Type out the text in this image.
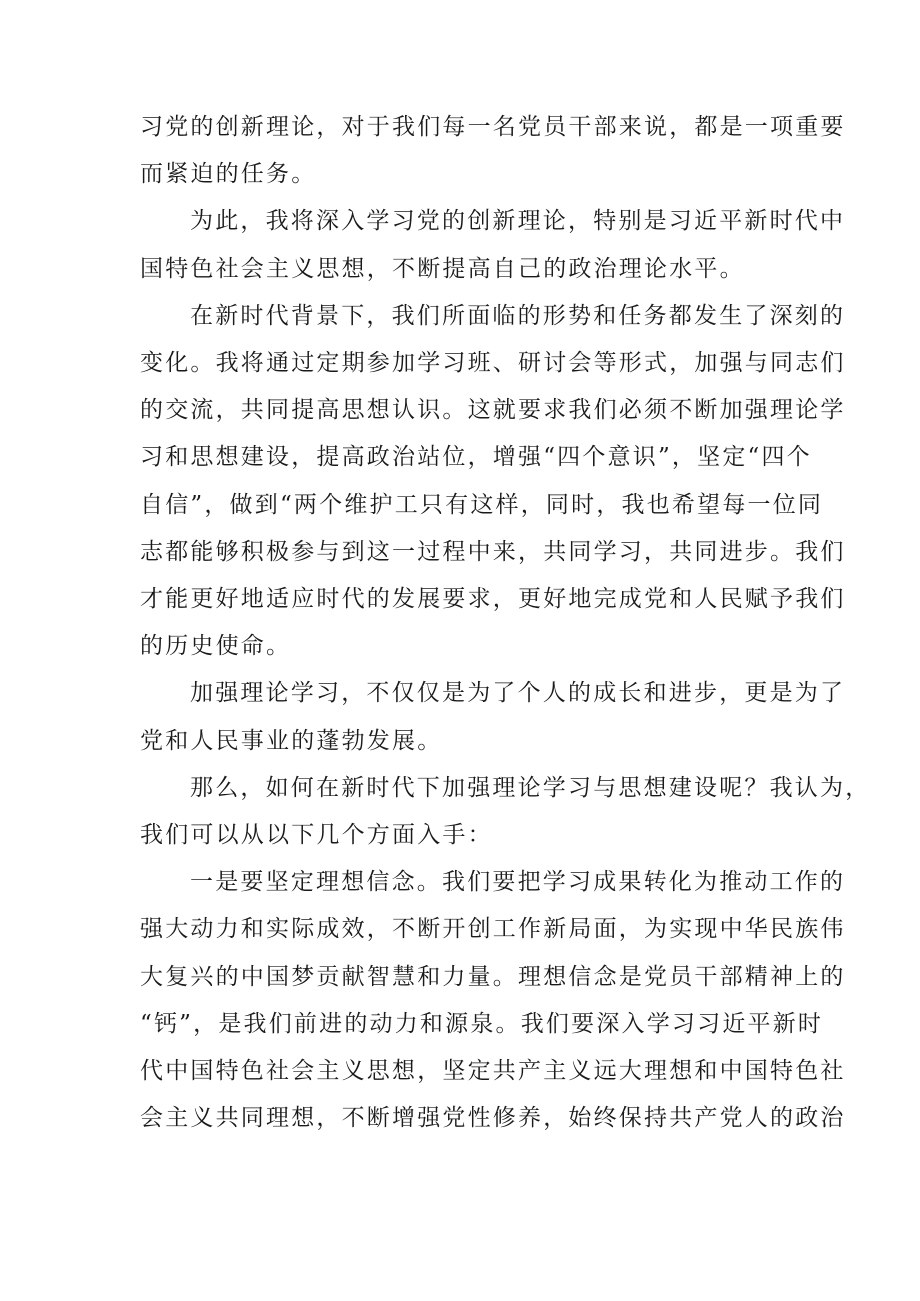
习党的创新理论，对于我们每一名党员干部来说，都是一项重要
而紧迫的任务。
为此，我将深入学习党的创新理论，特别是习近平新时代中
国特色社会主义思想，不断提高自己的政治理论水平。
在新时代背景下，我们所面临的形势和任务都发生了深刻的
变化。我将通过定期参加学习班、研讨会等形式，加强与同志们
的交流，共同提高思想认识。这就要求我们必须不断加强理论学
习和思想建设，提高政治站位，增强“四个意识”，坚定“四个
自信”，做到“两个维护工只有这样，同时，我也希望每一位同
志都能够积极参与到这一过程中来，共同学习，共同进步。我们
才能更好地适应时代的发展要求，更好地完成党和人民赋予我们
的历史使命。
加强理论学习，不仅仅是为了个人的成长和进步，更是为了
党和人民事业的蓬勃发展。
那么，如何在新时代下加强理论学习与思想建设呢？我认为，
我们可以从以下几个方面入手：
一是要坚定理想信念。我们要把学习成果转化为推动工作的
强大动力和实际成效，不断开创工作新局面，为实现中华民族伟
大复兴的中国梦贡献智慧和力量。理想信念是党员干部精神上的
“钙”，是我们前进的动力和源泉。我们要深入学习习近平新时
代中国特色社会主义思想，坚定共产主义远大理想和中国特色社
会主义共同理想，不断增强党性修养，始终保持共产党人的政治
